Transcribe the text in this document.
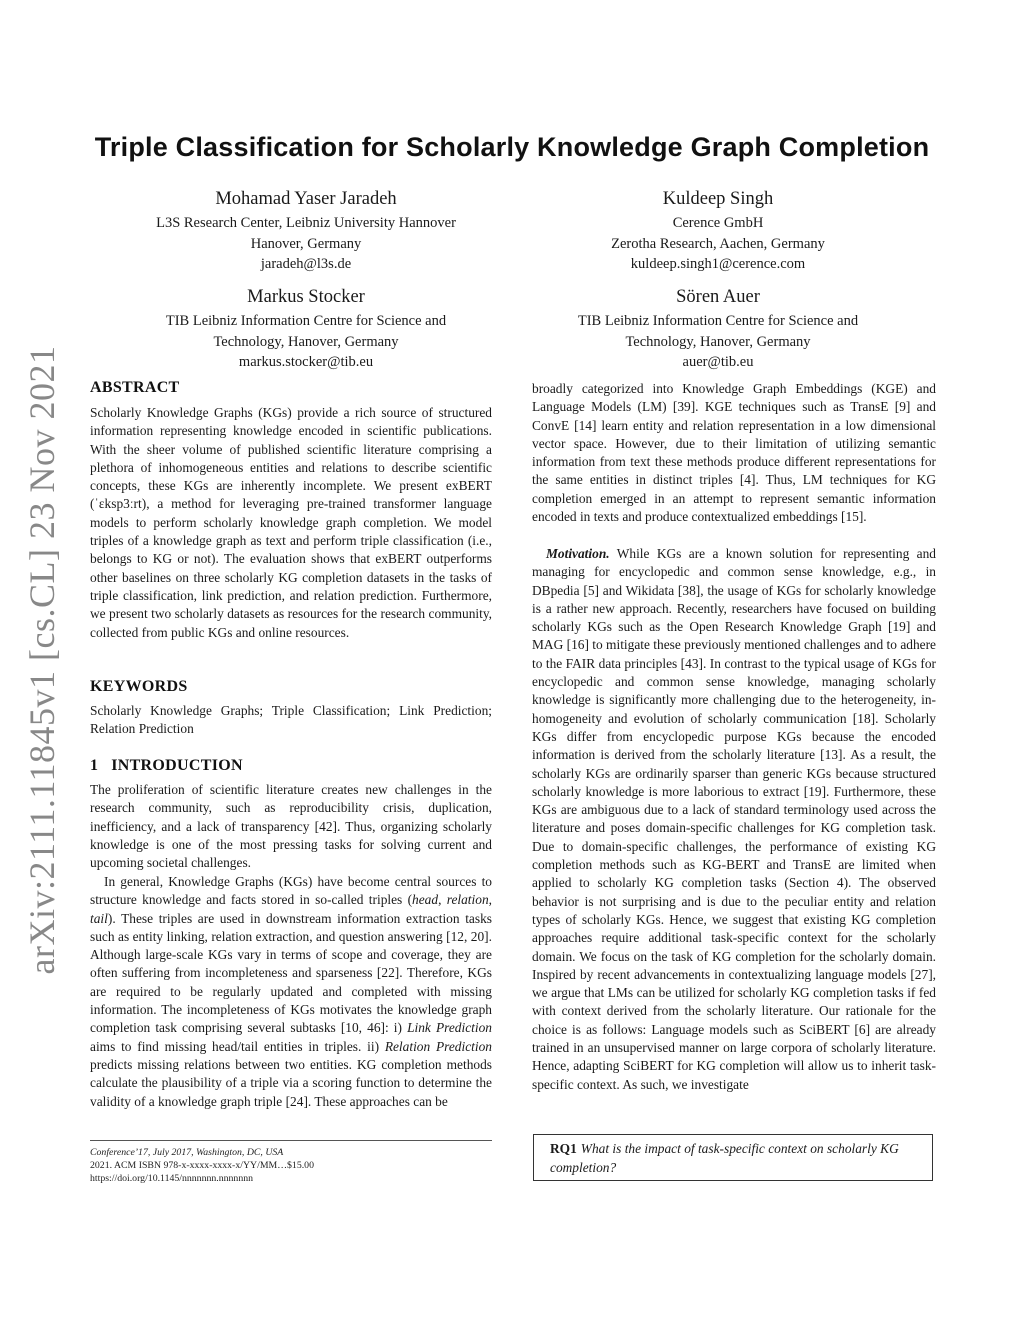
Triple Classification for Scholarly Knowledge Graph Completion
Mohamad Yaser Jaradeh
L3S Research Center, Leibniz University Hannover
Hanover, Germany
jaradeh@l3s.de
Kuldeep Singh
Cerence GmbH
Zerotha Research, Aachen, Germany
kuldeep.singh1@cerence.com
Markus Stocker
TIB Leibniz Information Centre for Science and
Technology, Hanover, Germany
markus.stocker@tib.eu
Sören Auer
TIB Leibniz Information Centre for Science and
Technology, Hanover, Germany
auer@tib.eu
arXiv:2111.11845v1 [cs.CL] 23 Nov 2021 ABSTRACT

Scholarly Knowledge Graphs (KGs) provide a rich source of structured information representing knowledge encoded in scientific publications. With the sheer volume of published scientific literature comprising a plethora of inhomogeneous entities and relations to describe scientific concepts, these KGs are inherently incomplete. We present exBERT (ˈɛksp3ːrt), a method for leveraging pre-trained transformer language models to perform scholarly knowledge graph completion. We model triples of a knowledge graph as text and perform triple classification (i.e., belongs to KG or not). The evaluation shows that exBERT outperforms other baselines on three scholarly KG completion datasets in the tasks of triple classification, link prediction, and relation prediction. Furthermore, we present two scholarly datasets as resources for the research community, collected from public KGs and online resources.

KEYWORDS

Scholarly Knowledge Graphs; Triple Classification; Link Prediction; Relation Prediction

1   INTRODUCTION

The proliferation of scientific literature creates new challenges in the research community, such as reproducibility crisis, duplication, inefficiency, and a lack of transparency [42]. Thus, organizing scholarly knowledge is one of the most pressing tasks for solving current and upcoming societal challenges.

In general, Knowledge Graphs (KGs) have become central sources to structure knowledge and facts stored in so-called triples (head, relation, tail). These triples are used in downstream information extraction tasks such as entity linking, relation extraction, and question answering [12, 20]. Although large-scale KGs vary in terms of scope and coverage, they are often suffering from incompleteness and sparseness [22]. Therefore, KGs are required to be regularly updated and completed with missing information. The incompleteness of KGs motivates the knowledge graph completion task comprising several subtasks [10, 46]: i) Link Prediction aims to find missing head/tail entities in triples. ii) Relation Prediction predicts missing relations between two entities. KG completion methods calculate the plausibility of a triple via a scoring function to determine the validity of a knowledge graph triple [24]. These approaches can be

broadly categorized into Knowledge Graph Embeddings (KGE) and Language Models (LM) [39]. KGE techniques such as TransE [9] and ConvE [14] learn entity and relation representation in a low dimensional vector space. However, due to their limitation of utilizing semantic information from text these methods produce different representations for the same entities in distinct triples [4]. Thus, LM techniques for KG completion emerged in an attempt to represent semantic information encoded in texts and produce contextualized embeddings [15].

Motivation. While KGs are a known solution for representing and managing for encyclopedic and common sense knowledge, e.g., in DBpedia [5] and Wikidata [38], the usage of KGs for scholarly knowledge is a rather new approach. Recently, researchers have focused on building scholarly KGs such as the Open Research Knowledge Graph [19] and MAG [16] to mitigate these previously mentioned challenges and to adhere to the FAIR data principles [43]. In contrast to the typical usage of KGs for encyclopedic and common sense knowledge, managing scholarly knowledge is significantly more challenging due to the heterogeneity, in-homogeneity and evolution of scholarly communication [18]. Scholarly KGs differ from encyclopedic purpose KGs because the encoded information is derived from the scholarly literature [13]. As a result, the scholarly KGs are ordinarily sparser than generic KGs because structured scholarly knowledge is more laborious to extract [19]. Furthermore, these KGs are ambiguous due to a lack of standard terminology used across the literature and poses domain-specific challenges for KG completion task. Due to domain-specific challenges, the performance of existing KG completion methods such as KG-BERT and TransE are limited when applied to scholarly KG completion tasks (Section 4). The observed behavior is not surprising and is due to the peculiar entity and relation types of scholarly KGs. Hence, we suggest that existing KG completion approaches require additional task-specific context for the scholarly domain. We focus on the task of KG completion for the scholarly domain. Inspired by recent advancements in contextualizing language models [27], we argue that LMs can be utilized for scholarly KG completion tasks if fed with context derived from the scholarly literature. Our rationale for the choice is as follows: Language models such as SciBERT [6] are already trained in an unsupervised manner on large corpora of scholarly literature. Hence, adapting SciBERT for KG completion will allow us to inherit task-specific context. As such, we investigate

RQ1 What is the impact of task-specific context on scholarly KG completion?
Conference’17, July 2017, Washington, DC, USA
2021. ACM ISBN 978-x-xxxx-xxxx-x/YY/MM…$15.00
https://doi.org/10.1145/nnnnnnn.nnnnnnn
